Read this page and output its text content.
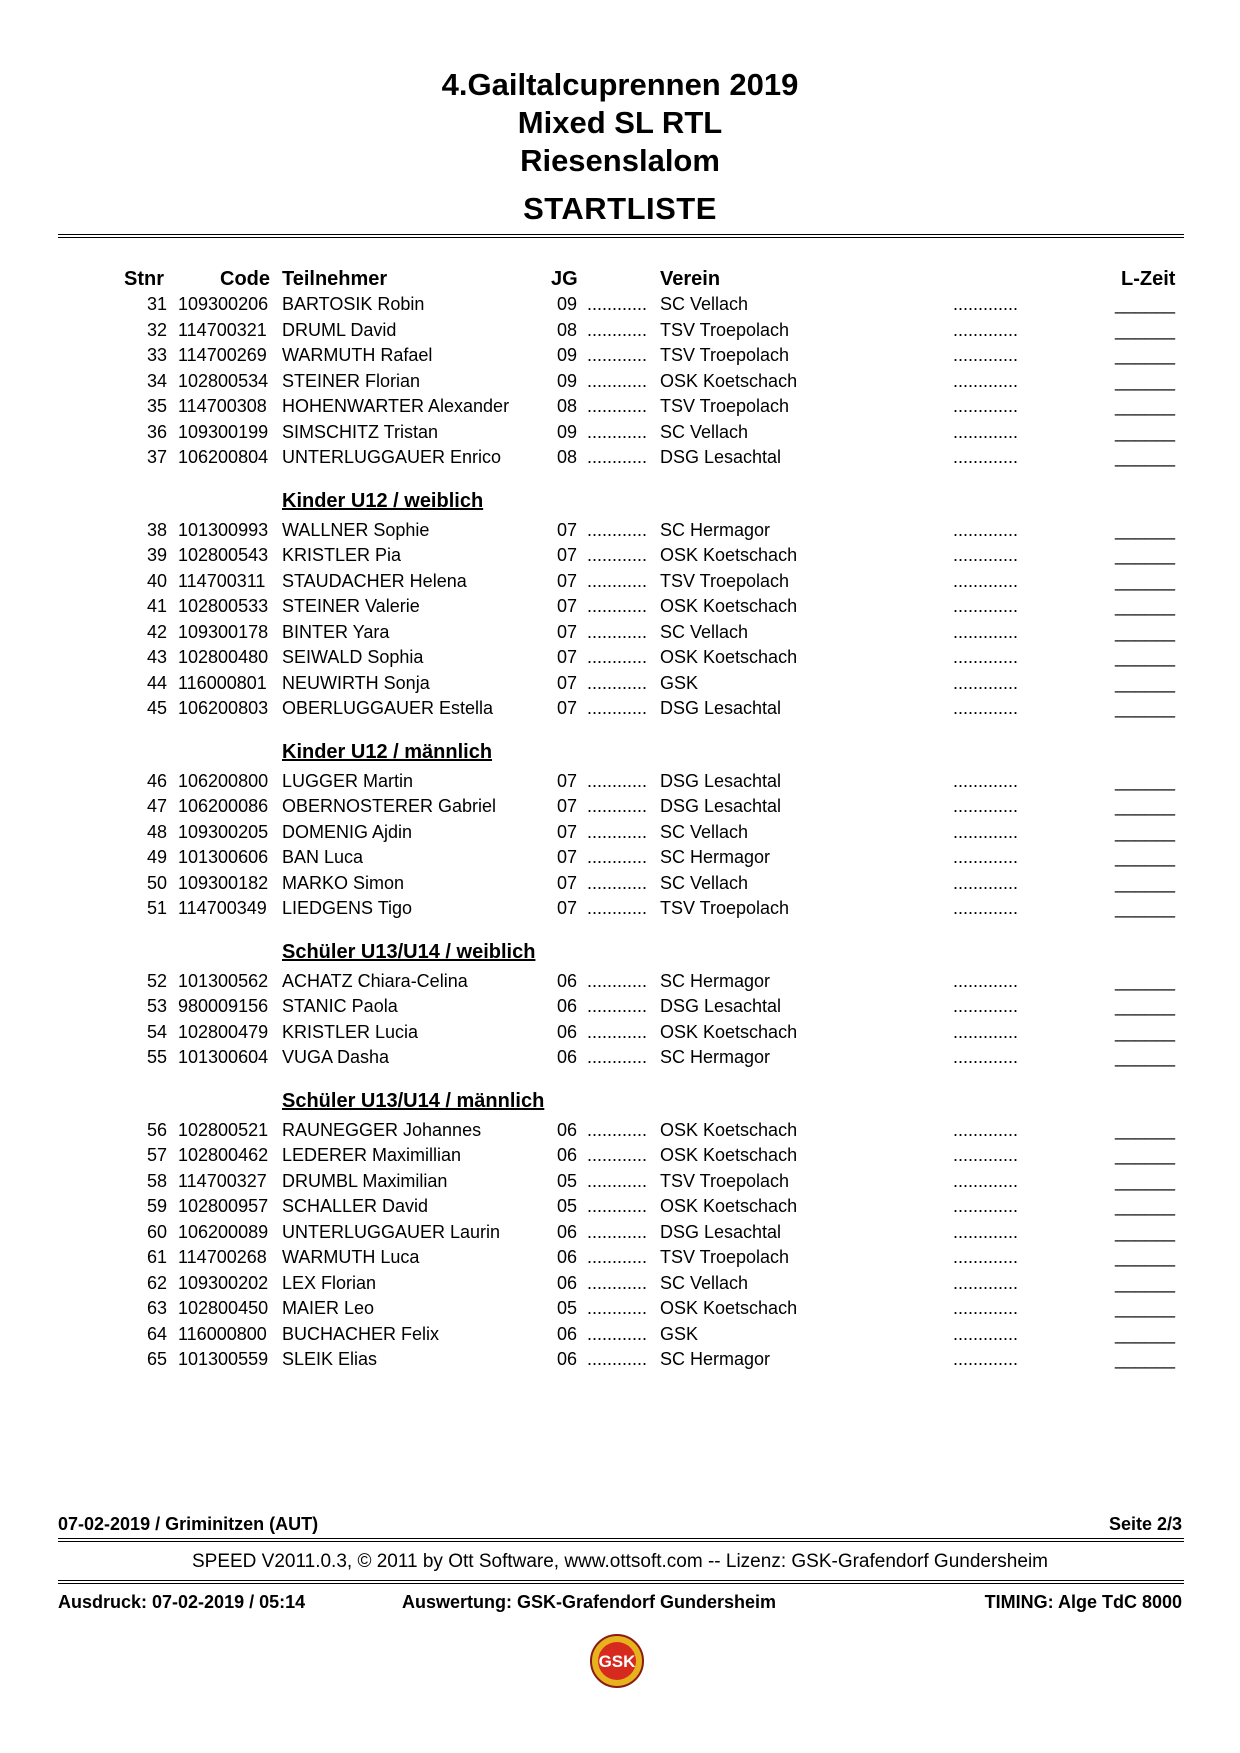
4.Gailtalcuprennen 2019
Mixed SL RTL
Riesenslalom
STARTLISTE
Stnr	Code Teilnehmer	JG	Verein	L-Zeit
31 109300206 BARTOSIK Robin	09 ............ SC Vellach	.............	______
32 114700321 DRUML David	08 ............ TSV Troepolach	.............	______
33 114700269 WARMUTH Rafael	09 ............ TSV Troepolach	.............	______
34 102800534 STEINER Florian	09 ............ OSK Koetschach	.............	______
35 114700308 HOHENWARTER Alexander	08 ............ TSV Troepolach	.............	______
36 109300199 SIMSCHITZ Tristan	09 ............ SC Vellach	.............	______
37 106200804 UNTERLUGGAUER Enrico	08 ............ DSG Lesachtal	.............	______
Kinder U12 / weiblich
38 101300993 WALLNER Sophie	07 ............ SC Hermagor	.............	______
39 102800543 KRISTLER Pia	07 ............ OSK Koetschach	.............	______
40 114700311 STAUDACHER Helena	07 ............ TSV Troepolach	.............	______
41 102800533 STEINER Valerie	07 ............ OSK Koetschach	.............	______
42 109300178 BINTER Yara	07 ............ SC Vellach	.............	______
43 102800480 SEIWALD Sophia	07 ............ OSK Koetschach	.............	______
44 116000801 NEUWIRTH Sonja	07 ............ GSK	.............	______
45 106200803 OBERLUGGAUER Estella	07 ............ DSG Lesachtal	.............	______
Kinder U12 / männlich
46 106200800 LUGGER Martin	07 ............ DSG Lesachtal	.............	______
47 106200086 OBERNOSTERER Gabriel	07 ............ DSG Lesachtal	.............	______
48 109300205 DOMENIG Ajdin	07 ............ SC Vellach	.............	______
49 101300606 BAN Luca	07 ............ SC Hermagor	.............	______
50 109300182 MARKO Simon	07 ............ SC Vellach	.............	______
51 114700349 LIEDGENS Tigo	07 ............ TSV Troepolach	.............	______
Schüler U13/U14 / weiblich
52 101300562 ACHATZ Chiara-Celina	06 ............ SC Hermagor	.............	______
53 980009156 STANIC Paola	06 ............ DSG Lesachtal	.............	______
54 102800479 KRISTLER Lucia	06 ............ OSK Koetschach	.............	______
55 101300604 VUGA Dasha	06 ............ SC Hermagor	.............	______
Schüler U13/U14 / männlich
56 102800521 RAUNEGGER Johannes	06 ............ OSK Koetschach	.............	______
57 102800462 LEDERER Maximillian	06 ............ OSK Koetschach	.............	______
58 114700327 DRUMBL Maximilian	05 ............ TSV Troepolach	.............	______
59 102800957 SCHALLER David	05 ............ OSK Koetschach	.............	______
60 106200089 UNTERLUGGAUER Laurin	06 ............ DSG Lesachtal	.............	______
61 114700268 WARMUTH Luca	06 ............ TSV Troepolach	.............	______
62 109300202 LEX Florian	06 ............ SC Vellach	.............	______
63 102800450 MAIER Leo	05 ............ OSK Koetschach	.............	______
64 116000800 BUCHACHER Felix	06 ............ GSK	.............	______
65 101300559 SLEIK Elias	06 ............ SC Hermagor	.............	______
07-02-2019 / Griminitzen (AUT)	Seite 2/3
SPEED V2011.0.3, © 2011 by Ott Software, www.ottsoft.com -- Lizenz: GSK-Grafendorf Gundersheim
Ausdruck: 07-02-2019 / 05:14	Auswertung: GSK-Grafendorf Gundersheim	TIMING: Alge TdC 8000
GSK
